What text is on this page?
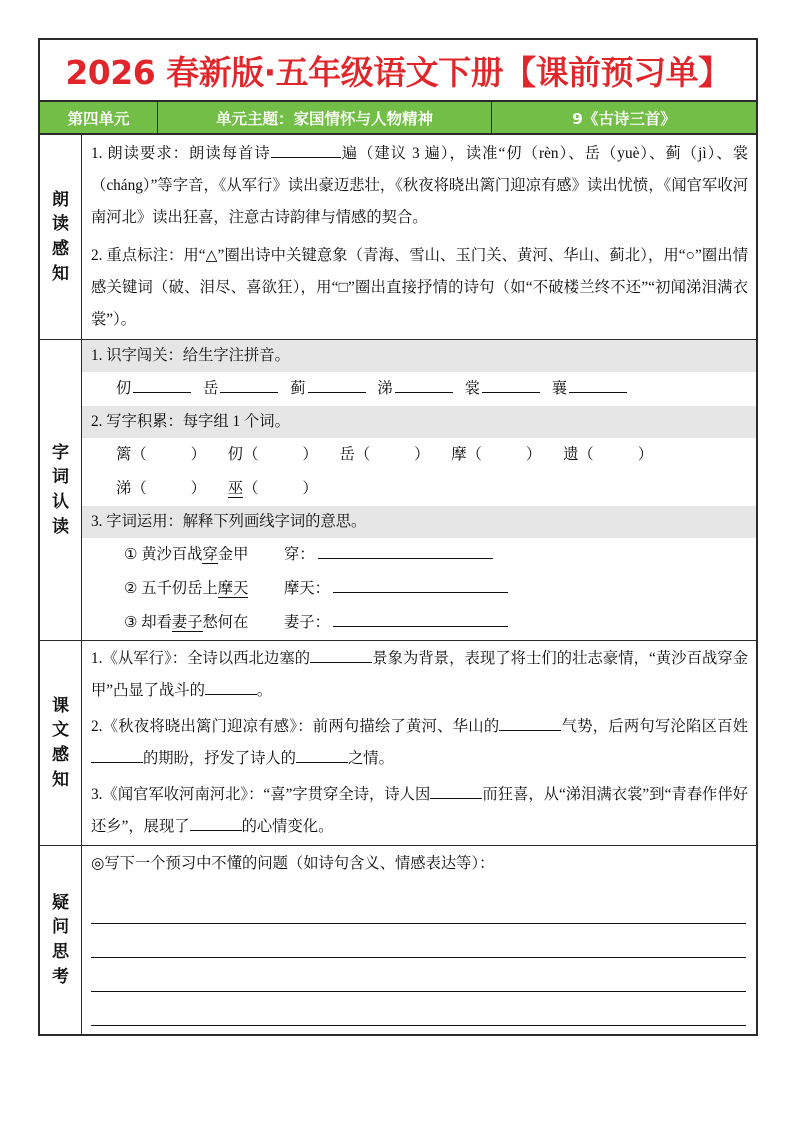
2026 春新版·五年级语文下册【课前预习单】
第四单元	单元主题：家国情怀与人物精神	9《古诗三首》
朗
读
感
知
1. 朗读要求：朗读每首诗	遍（建议 3 遍），读准“仞（rèn）、岳（yuè）、蓟（jì）、裳（cháng）”等字音，《从军行》读出豪迈悲壮，《秋夜将晓出篱门迎凉有感》读出忧愤，《闻官军收河南河北》读出狂喜，注意古诗韵律与情感的契合。
2. 重点标注：用“△”圈出诗中关键意象（青海、雪山、玉门关、黄河、华山、蓟北），用“○”圈出情感关键词（破、泪尽、喜欲狂），用“□”圈出直接抒情的诗句（如“不破楼兰终不还”“初闻涕泪满衣裳”）。
字
词
认
读
1. 识字闯关：给生字注拼音。
仞	岳	蓟	涕	裳	襄
2. 写字积累：每字组 1 个词。
篱（	） 仞（	） 岳（	） 摩（	） 遗（	）
涕（	） 巫（	）
3. 字词运用：解释下列画线字词的意思。
① 黄沙百战穿金甲 穿：
② 五千仞岳上摩天 摩天：
③ 却看妻子愁何在 妻子：
课
文
感
知
1.《从军行》：全诗以西北边塞的	景象为背景，表现了将士们的壮志豪情，“黄沙百战穿金甲”凸显了战斗的	。
2.《秋夜将晓出篱门迎凉有感》：前两句描绘了黄河、华山的	气势，后两句写沦陷区百姓的期盼，抒发了诗人的	之情。
3.《闻官军收河南河北》：“喜”字贯穿全诗，诗人因	而狂喜，从“涕泪满衣裳”到“青春作伴好还乡”，展现了	的心情变化。
疑
问
思
考
◎写下一个预习中不懂的问题（如诗句含义、情感表达等）：
